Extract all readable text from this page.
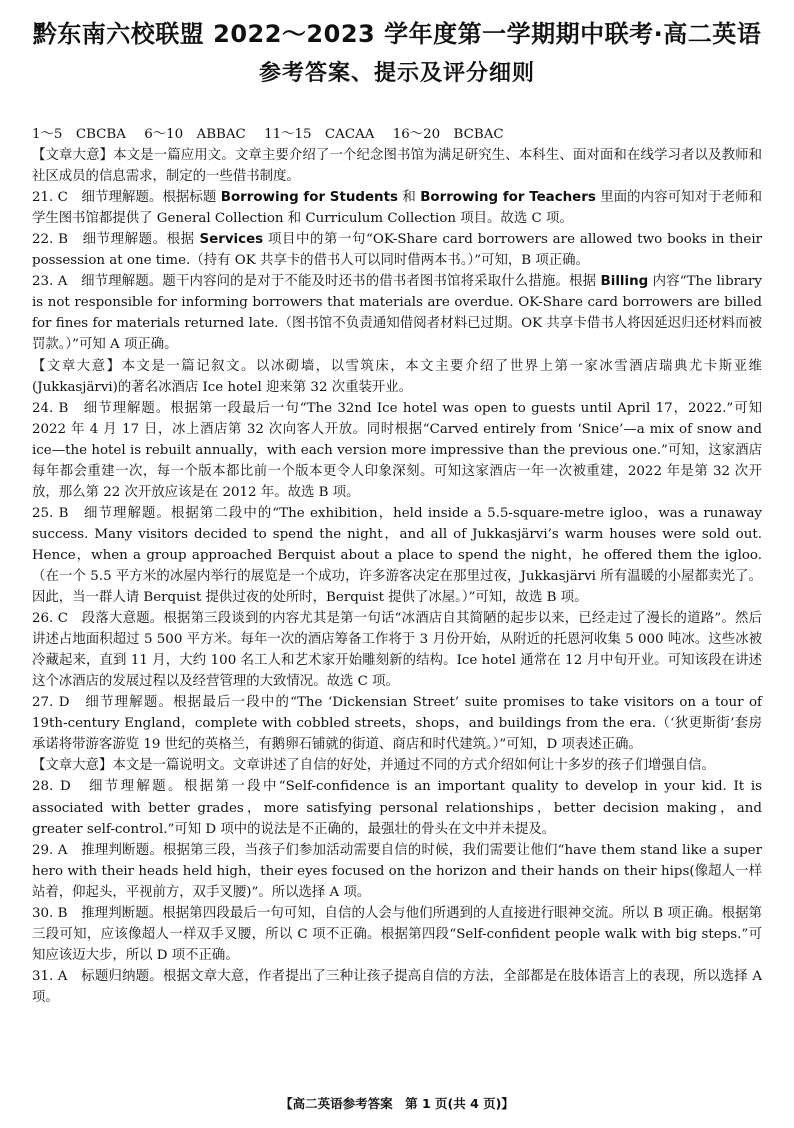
黔东南六校联盟 2022～2023 学年度第一学期期中联考·高二英语
参考答案、提示及评分细则

1～5　CBCBA 6～10　ABBAC 11～15　CACAA 16～20　BCBAC

【文章大意】本文是一篇应用文。文章主要介绍了一个纪念图书馆为满足研究生、本科生、面对面和在线学习者以及教师和社区成员的信息需求，制定的一些借书制度。

21. C　细节理解题。根据标题 Borrowing for Students 和 Borrowing for Teachers 里面的内容可知对于老师和学生图书馆都提供了 General Collection 和 Curriculum Collection 项目。故选 C 项。

22. B　细节理解题。根据 Services 项目中的第一句“OK-Share card borrowers are allowed two books in their possession at one time.（持有 OK 共享卡的借书人可以同时借两本书。）”可知，B 项正确。

23. A　细节理解题。题干内容问的是对于不能及时还书的借书者图书馆将采取什么措施。根据 Billing 内容“The library is not responsible for informing borrowers that materials are overdue. OK-Share card borrowers are billed for fines for materials returned late.（图书馆不负责通知借阅者材料已过期。OK 共享卡借书人将因延迟归还材料而被罚款。）”可知 A 项正确。

【文章大意】本文是一篇记叙文。以冰砌墙，以雪筑床，本文主要介绍了世界上第一家冰雪酒店瑞典尤卡斯亚维(Jukkasjärvi)的著名冰酒店 Ice hotel 迎来第 32 次重装开业。

24. B　细节理解题。根据第一段最后一句“The 32nd Ice hotel was open to guests until April 17，2022.”可知 2022 年 4 月 17 日，冰上酒店第 32 次向客人开放。同时根据“Carved entirely from ‘Snice’—a mix of snow and ice—the hotel is rebuilt annually，with each version more impressive than the previous one.”可知，这家酒店每年都会重建一次，每一个版本都比前一个版本更令人印象深刻。可知这家酒店一年一次被重建，2022 年是第 32 次开放，那么第 22 次开放应该是在 2012 年。故选 B 项。

25. B　细节理解题。根据第二段中的“The exhibition，held inside a 5.5-square-metre igloo，was a runaway success. Many visitors decided to spend the night，and all of Jukkasjärvi’s warm houses were sold out. Hence，when a group approached Berquist about a place to spend the night，he offered them the igloo.（在一个 5.5 平方米的冰屋内举行的展览是一个成功，许多游客决定在那里过夜，Jukkasjärvi 所有温暖的小屋都卖光了。因此，当一群人请 Berquist 提供过夜的处所时，Berquist 提供了冰屋。）”可知，故选 B 项。

26. C　段落大意题。根据第三段谈到的内容尤其是第一句话“冰酒店自其简陋的起步以来，已经走过了漫长的道路”。然后讲述占地面积超过 5 500 平方米。每年一次的酒店筹备工作将于 3 月份开始，从附近的托恩河收集 5 000 吨冰。这些冰被冷藏起来，直到 11 月，大约 100 名工人和艺术家开始雕刻新的结构。Ice hotel 通常在 12 月中旬开业。可知该段在讲述这个冰酒店的发展过程以及经营管理的大致情况。故选 C 项。

27. D　细节理解题。根据最后一段中的“The ‘Dickensian Street’ suite promises to take visitors on a tour of 19th-century England，complete with cobbled streets，shops，and buildings from the era.（‘狄更斯街’套房承诺将带游客游览 19 世纪的英格兰，有鹅卵石铺就的街道、商店和时代建筑。）”可知，D 项表述正确。

【文章大意】本文是一篇说明文。文章讲述了自信的好处，并通过不同的方式介绍如何让十多岁的孩子们增强自信。

28. D　细节理解题。根据第一段中“Self-confidence is an important quality to develop in your kid. It is associated with better grades，more satisfying personal relationships，better decision making，and greater self-control.”可知 D 项中的说法是不正确的，最强壮的骨头在文中并未提及。

29. A　推理判断题。根据第三段，当孩子们参加活动需要自信的时候，我们需要让他们“have them stand like a super hero with their heads held high，their eyes focused on the horizon and their hands on their hips(像超人一样站着，仰起头，平视前方，双手叉腰)”。所以选择 A 项。

30. B　推理判断题。根据第四段最后一句可知，自信的人会与他们所遇到的人直接进行眼神交流。所以 B 项正确。根据第三段可知，应该像超人一样双手叉腰，所以 C 项不正确。根据第四段“Self-confident people walk with big steps.”可知应该迈大步，所以 D 项不正确。

31. A　标题归纳题。根据文章大意，作者提出了三种让孩子提高自信的方法，全部都是在肢体语言上的表现，所以选择 A 项。

【高二英语参考答案　第 1 页(共 4 页)】
